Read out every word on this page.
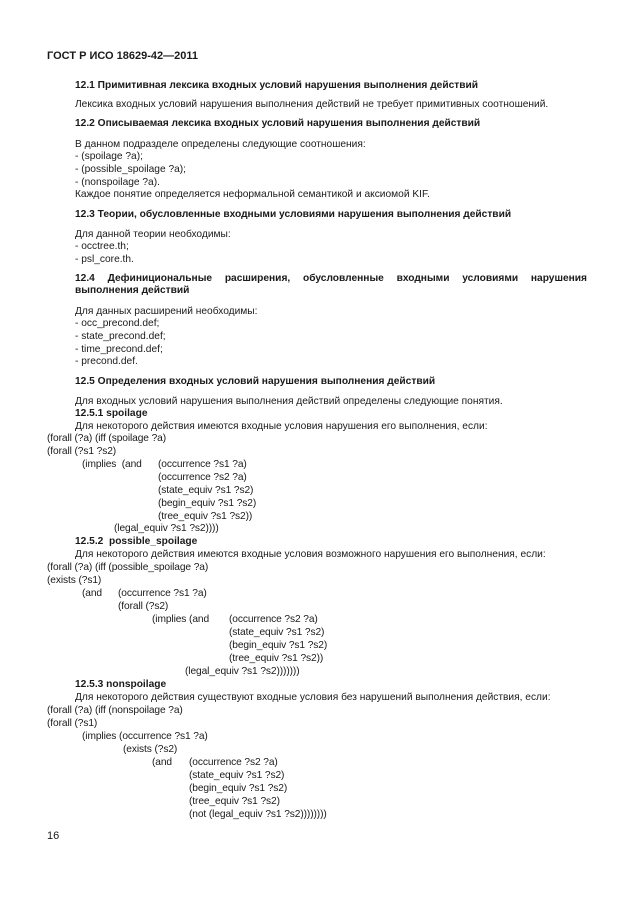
ГОСТ Р ИСО 18629-42—2011
12.1 Примитивная лексика входных условий нарушения выполнения действий
Лексика входных условий нарушения выполнения действий не требует примитивных соотношений.
12.2 Описываемая лексика входных условий нарушения выполнения действий
В данном подразделе определены следующие соотношения:
- (spoilage ?a);
- (possible_spoilage ?a);
- (nonspoilage ?a).
Каждое понятие определяется неформальной семантикой и аксиомой KIF.
12.3 Теории, обусловленные входными условиями нарушения выполнения действий
Для данной теории необходимы:
- occtree.th;
- psl_core.th.
12.4 Дефинициональные расширения, обусловленные входными условиями нарушения
выполнения действий
Для данных расширений необходимы:
- occ_precond.def;
- state_precond.def;
- time_precond.def;
- precond.def.
12.5 Определения входных условий нарушения выполнения действий
Для входных условий нарушения выполнения действий определены следующие понятия.
12.5.1 spoilage
Для некоторого действия имеются входные условия нарушения его выполнения, если:
(forall (?a) (iff (spoilage ?a)
(forall (?s1 ?s2)
(implies  (and (occurrence ?s1 ?a)
(occurrence ?s2 ?a)
(state_equiv ?s1 ?s2)
(begin_equiv ?s1 ?s2)
(tree_equiv ?s1 ?s2))
(legal_equiv ?s1 ?s2))))
12.5.2  possible_spoilage
Для некоторого действия имеются входные условия возможного нарушения его выполнения, если:
(forall (?a) (iff (possible_spoilage ?a)
(exists (?s1)
(and (occurrence ?s1 ?a)
(forall (?s2)
(implies (and (occurrence ?s2 ?a)
(state_equiv ?s1 ?s2)
(begin_equiv ?s1 ?s2)
(tree_equiv ?s1 ?s2))
(legal_equiv ?s1 ?s2)))))))
12.5.3 nonspoilage
Для некоторого действия существуют входные условия без нарушений выполнения действия, если:
(forall (?a) (iff (nonspoilage ?a)
(forall (?s1)
(implies (occurrence ?s1 ?a)
(exists (?s2)
(and (occurrence ?s2 ?a)
(state_equiv ?s1 ?s2)
(begin_equiv ?s1 ?s2)
(tree_equiv ?s1 ?s2)
(not (legal_equiv ?s1 ?s2))))))))
16
